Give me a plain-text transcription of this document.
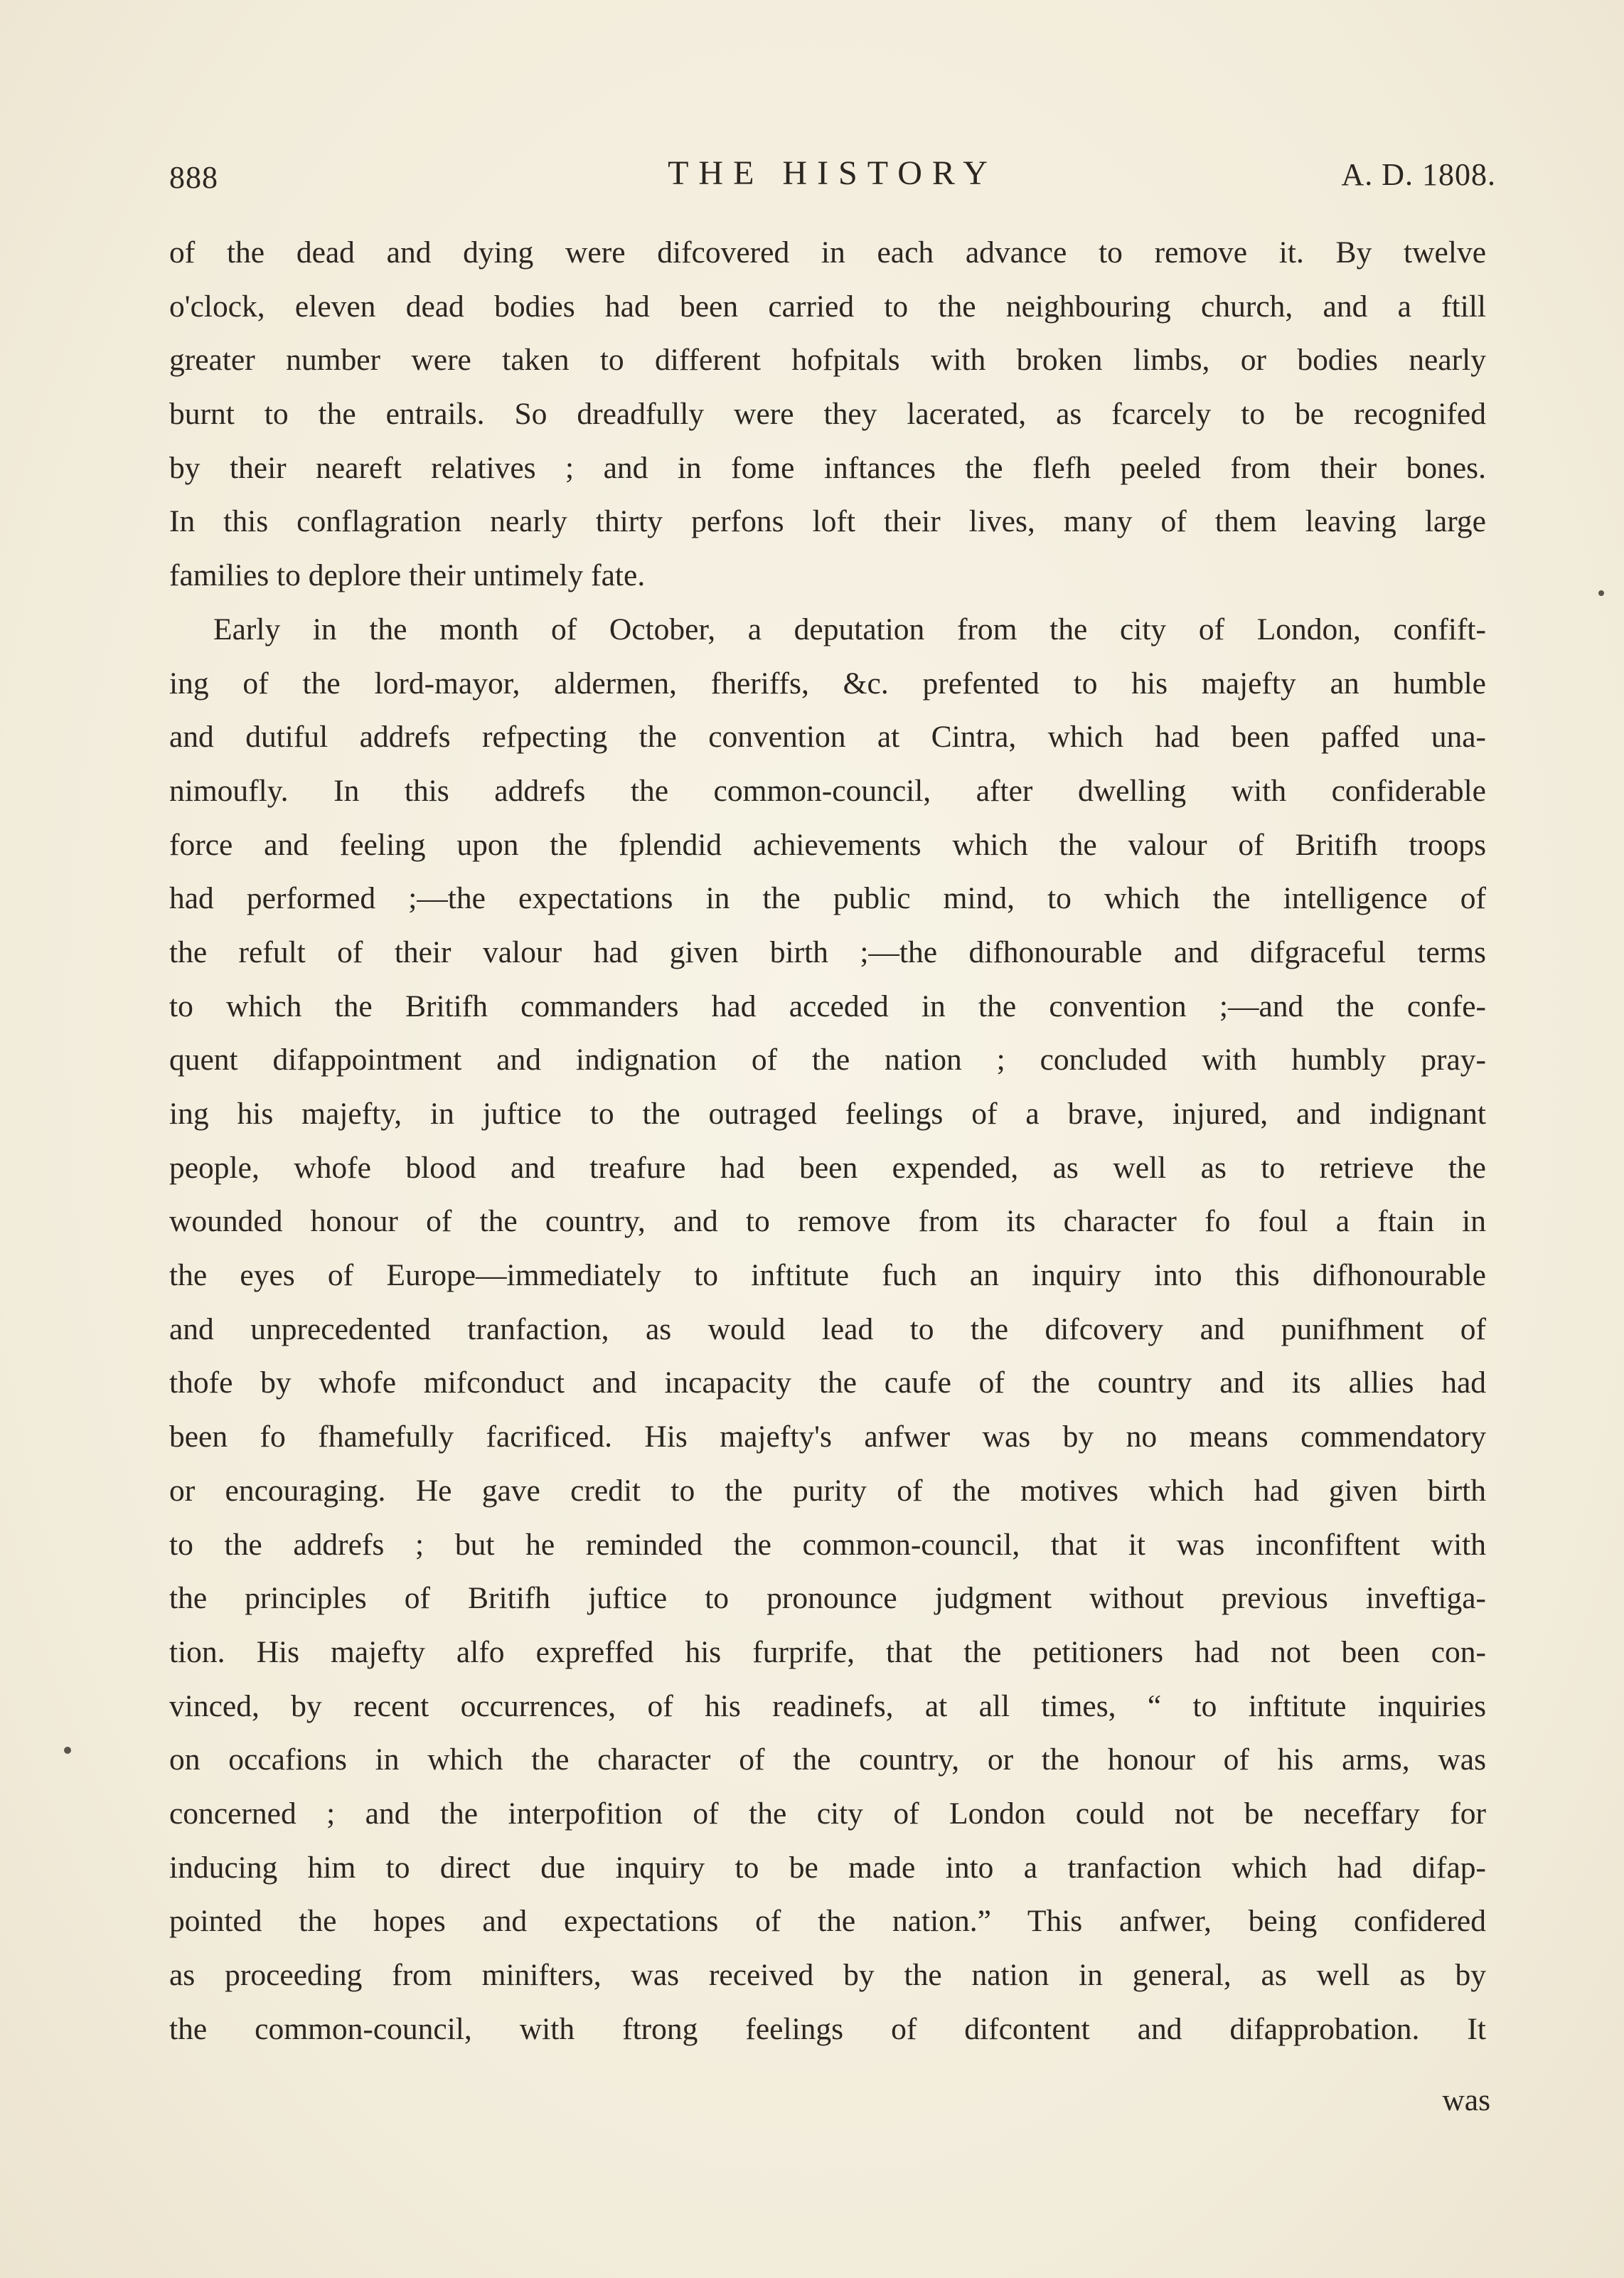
888	THE HISTORY	A. D. 1808.
of the dead and dying were difcovered in each advance to remove it. By twelve
o'clock, eleven dead bodies had been carried to the neighbouring church, and a ftill
greater number were taken to different hofpitals with broken limbs, or bodies nearly
burnt to the entrails. So dreadfully were they lacerated, as fcarcely to be recognifed
by their neareft relatives ; and in fome inftances the flefh peeled from their bones.
In this conflagration nearly thirty perfons loft their lives, many of them leaving large
families to deplore their untimely fate.
Early in the month of October, a deputation from the city of London, confift-
ing of the lord-mayor, aldermen, fheriffs, &c. prefented to his majefty an humble
and dutiful addrefs refpecting the convention at Cintra, which had been paffed una-
nimoufly. In this addrefs the common-council, after dwelling with confiderable
force and feeling upon the fplendid achievements which the valour of Britifh troops
had performed ;—the expectations in the public mind, to which the intelligence of
the refult of their valour had given birth ;—the difhonourable and difgraceful terms
to which the Britifh commanders had acceded in the convention ;—and the confe-
quent difappointment and indignation of the nation ; concluded with humbly pray-
ing his majefty, in juftice to the outraged feelings of a brave, injured, and indignant
people, whofe blood and treafure had been expended, as well as to retrieve the
wounded honour of the country, and to remove from its character fo foul a ftain in
the eyes of Europe—immediately to inftitute fuch an inquiry into this difhonourable
and unprecedented tranfaction, as would lead to the difcovery and punifhment of
thofe by whofe mifconduct and incapacity the caufe of the country and its allies had
been fo fhamefully facrificed. His majefty's anfwer was by no means commendatory
or encouraging. He gave credit to the purity of the motives which had given birth
to the addrefs ; but he reminded the common-council, that it was inconfiftent with
the principles of Britifh juftice to pronounce judgment without previous inveftiga-
tion. His majefty alfo expreffed his furprife, that the petitioners had not been con-
vinced, by recent occurrences, of his readinefs, at all times, “ to inftitute inquiries
on occafions in which the character of the country, or the honour of his arms, was
concerned ; and the interpofition of the city of London could not be neceffary for
inducing him to direct due inquiry to be made into a tranfaction which had difap-
pointed the hopes and expectations of the nation.” This anfwer, being confidered
as proceeding from minifters, was received by the nation in general, as well as by
the common-council, with ftrong feelings of difcontent and difapprobation. It
was
